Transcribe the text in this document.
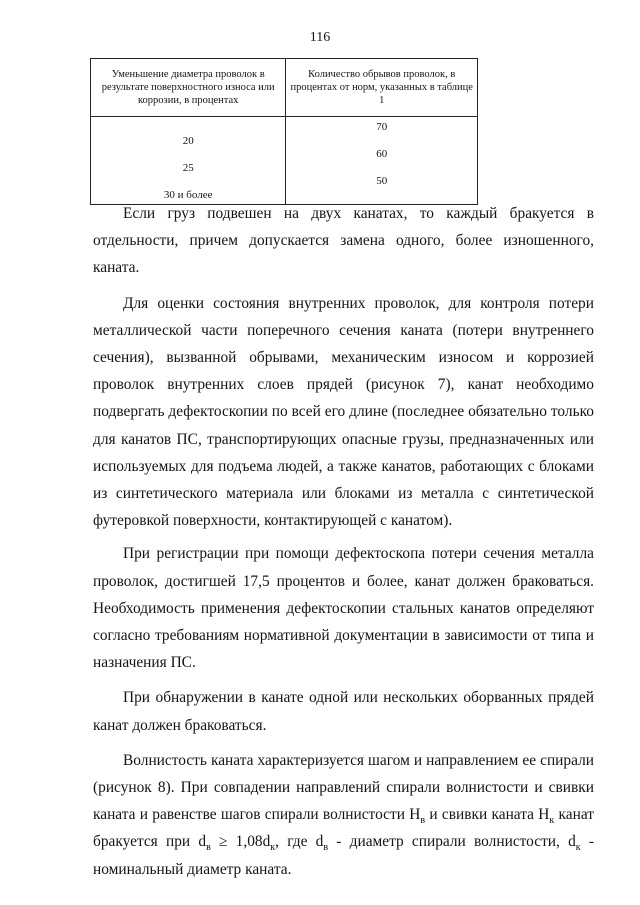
116
Уменьшение диаметра проволок в результате поверхностного износа или коррозии, в процентах	Количество обрывов проволок, в процентах от норм, указанных в таблице 1
20	70
25	60
30 и более	50

Если груз подвешен на двух канатах, то каждый бракуется в отдельности, причем допускается замена одного, более изношенного, каната.

Для оценки состояния внутренних проволок, для контроля потери металлической части поперечного сечения каната (потери внутреннего сечения), вызванной обрывами, механическим износом и коррозией проволок внутренних слоев прядей (рисунок 7), канат необходимо подвергать дефектоскопии по всей его длине (последнее обязательно только для канатов ПС, транспортирующих опасные грузы, предназначенных или используемых для подъема людей, а также канатов, работающих с блоками из синтетического материала или блоками из металла с синтетической футеровкой поверхности, контактирующей с канатом).

При регистрации при помощи дефектоскопа потери сечения металла проволок, достигшей 17,5 процентов и более, канат должен браковаться. Необходимость применения дефектоскопии стальных канатов определяют согласно требованиям нормативной документации в зависимости от типа и назначения ПС.

При обнаружении в канате одной или нескольких оборванных прядей канат должен браковаться.

Волнистость каната характеризуется шагом и направлением ее спирали (рисунок 8). При совпадении направлений спирали волнистости и свивки каната и равенстве шагов спирали волнистости $H_в$ и свивки каната $H_к$ канат бракуется при $d_в \ge 1,08d_к$, где $d_в$ - диаметр спирали волнистости, $d_к$ - номинальный диаметр каната.
